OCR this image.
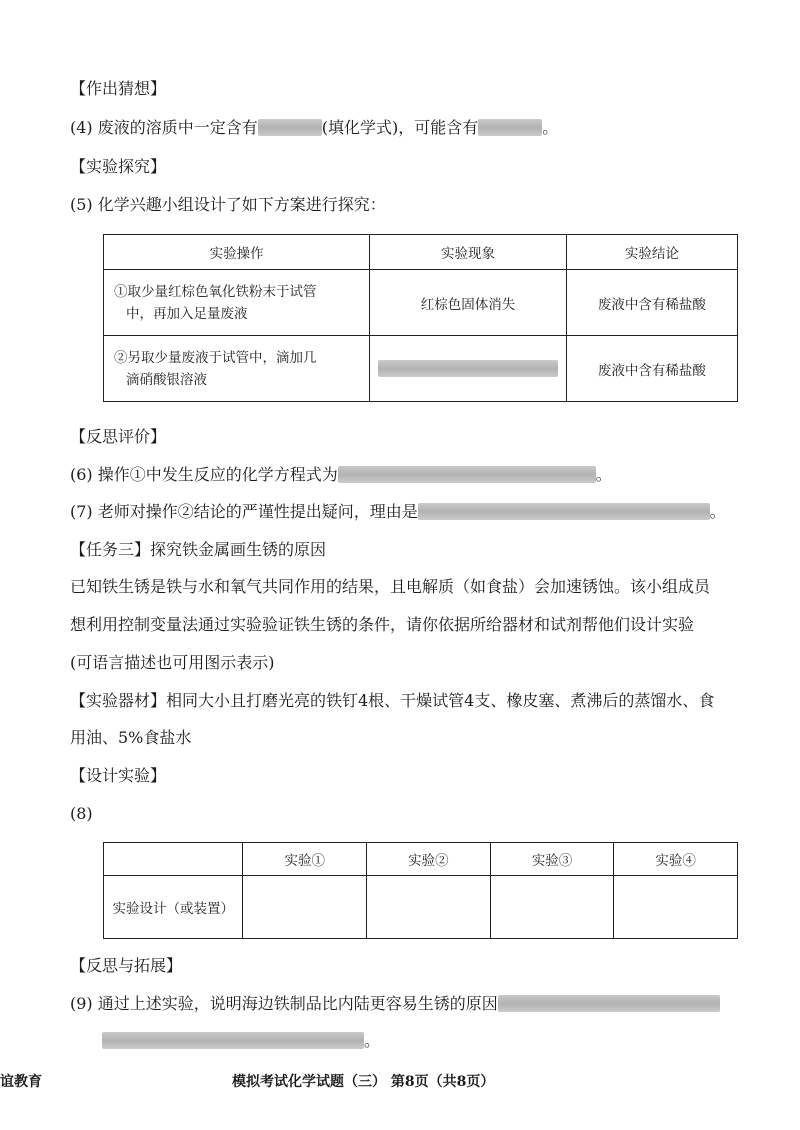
【作出猜想】
(4) 废液的溶质中一定含有	(填化学式)，可能含有	。
【实验探究】
(5) 化学兴趣小组设计了如下方案进行探究：
实验操作	实验现象	实验结论

①取少量红棕色氧化铁粉末于试管
中，再加入足量废液	红棕色固体消失	废液中含有稀盐酸

②另取少量废液于试管中，滴加几
滴硝酸银溶液		废液中含有稀盐酸
【反思评价】
(6) 操作①中发生反应的化学方程式为	。
(7) 老师对操作②结论的严谨性提出疑问，理由是	。
【任务三】探究铁金属画生锈的原因
已知铁生锈是铁与水和氧气共同作用的结果，且电解质（如食盐）会加速锈蚀。该小组成员
想利用控制变量法通过实验验证铁生锈的条件，请你依据所给器材和试剂帮他们设计实验
(可语言描述也可用图示表示)
【实验器材】相同大小且打磨光亮的铁钉4根、干燥试管4支、橡皮塞、煮沸后的蒸馏水、食
用油、5%食盐水
【设计实验】
(8)
	实验①	实验②	实验③	实验④
实验设计（或装置）				
【反思与拓展】
(9) 通过上述实验，说明海边铁制品比内陆更容易生锈的原因
。
谊教育	模拟考试化学试题（三） 第8页（共8页）
